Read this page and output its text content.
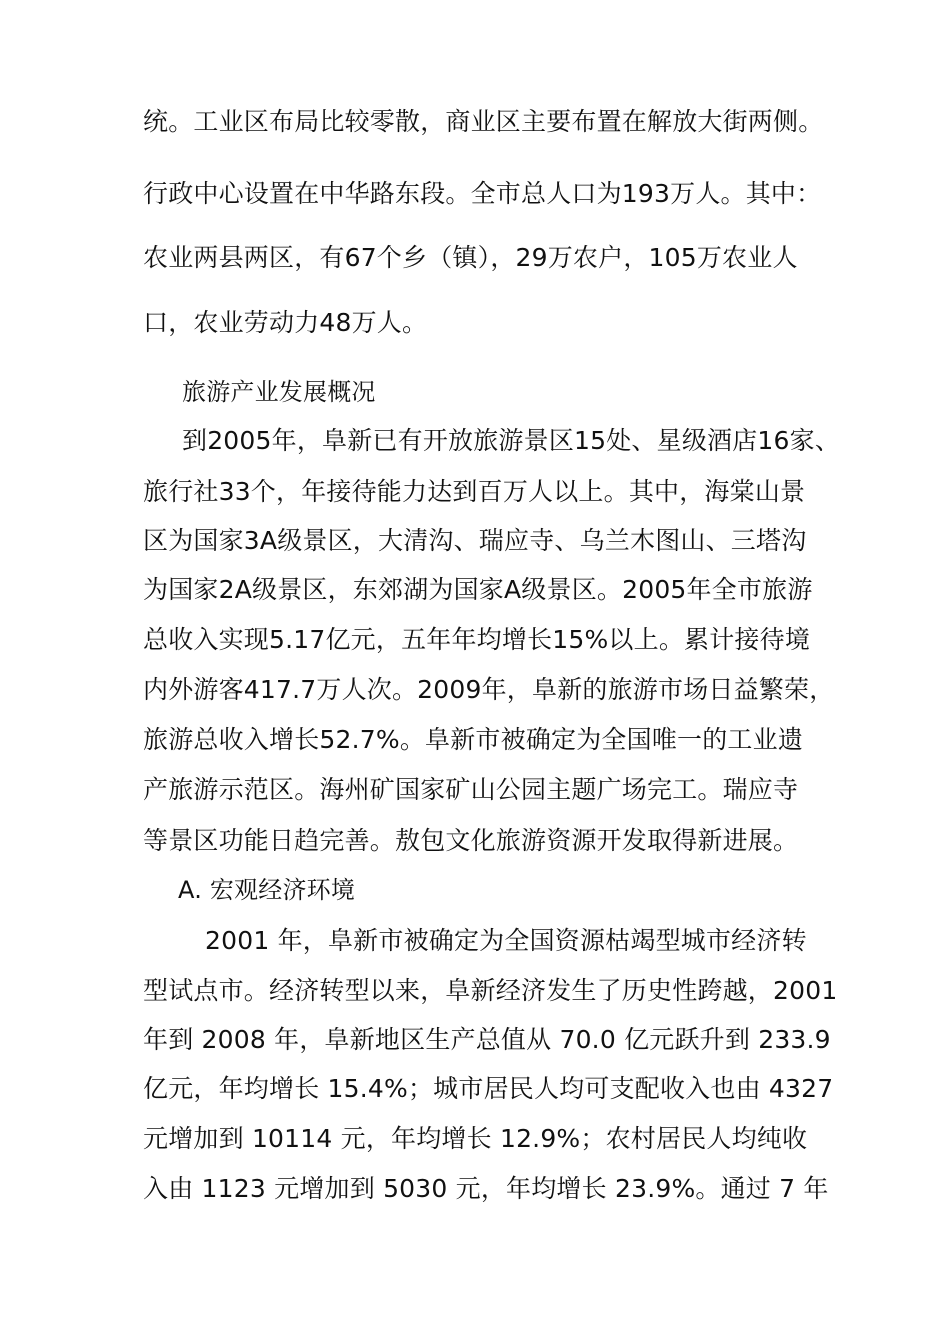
统。工业区布局比较零散，商业区主要布置在解放大街两侧。
行政中心设置在中华路东段。全市总人口为193万人。其中：
农业两县两区，有67个乡（镇），29万农户，105万农业人
口，农业劳动力48万人。
旅游产业发展概况
到2005年，阜新已有开放旅游景区15处、星级酒店16家、
旅行社33个，年接待能力达到百万人以上。其中，海棠山景
区为国家3A级景区，大清沟、瑞应寺、乌兰木图山、三塔沟
为国家2A级景区，东郊湖为国家A级景区。2005年全市旅游
总收入实现5.17亿元，五年年均增长15%以上。累计接待境
内外游客417.7万人次。2009年，阜新的旅游市场日益繁荣，
旅游总收入增长52.7%。阜新市被确定为全国唯一的工业遗
产旅游示范区。海州矿国家矿山公园主题广场完工。瑞应寺
等景区功能日趋完善。敖包文化旅游资源开发取得新进展。
A. 宏观经济环境
2001 年，阜新市被确定为全国资源枯竭型城市经济转
型试点市。经济转型以来，阜新经济发生了历史性跨越，2001
年到 2008 年，阜新地区生产总值从 70.0 亿元跃升到 233.9
亿元，年均增长 15.4%；城市居民人均可支配收入也由 4327
元增加到 10114 元，年均增长 12.9%；农村居民人均纯收
入由 1123 元增加到 5030 元，年均增长 23.9%。通过 7 年
